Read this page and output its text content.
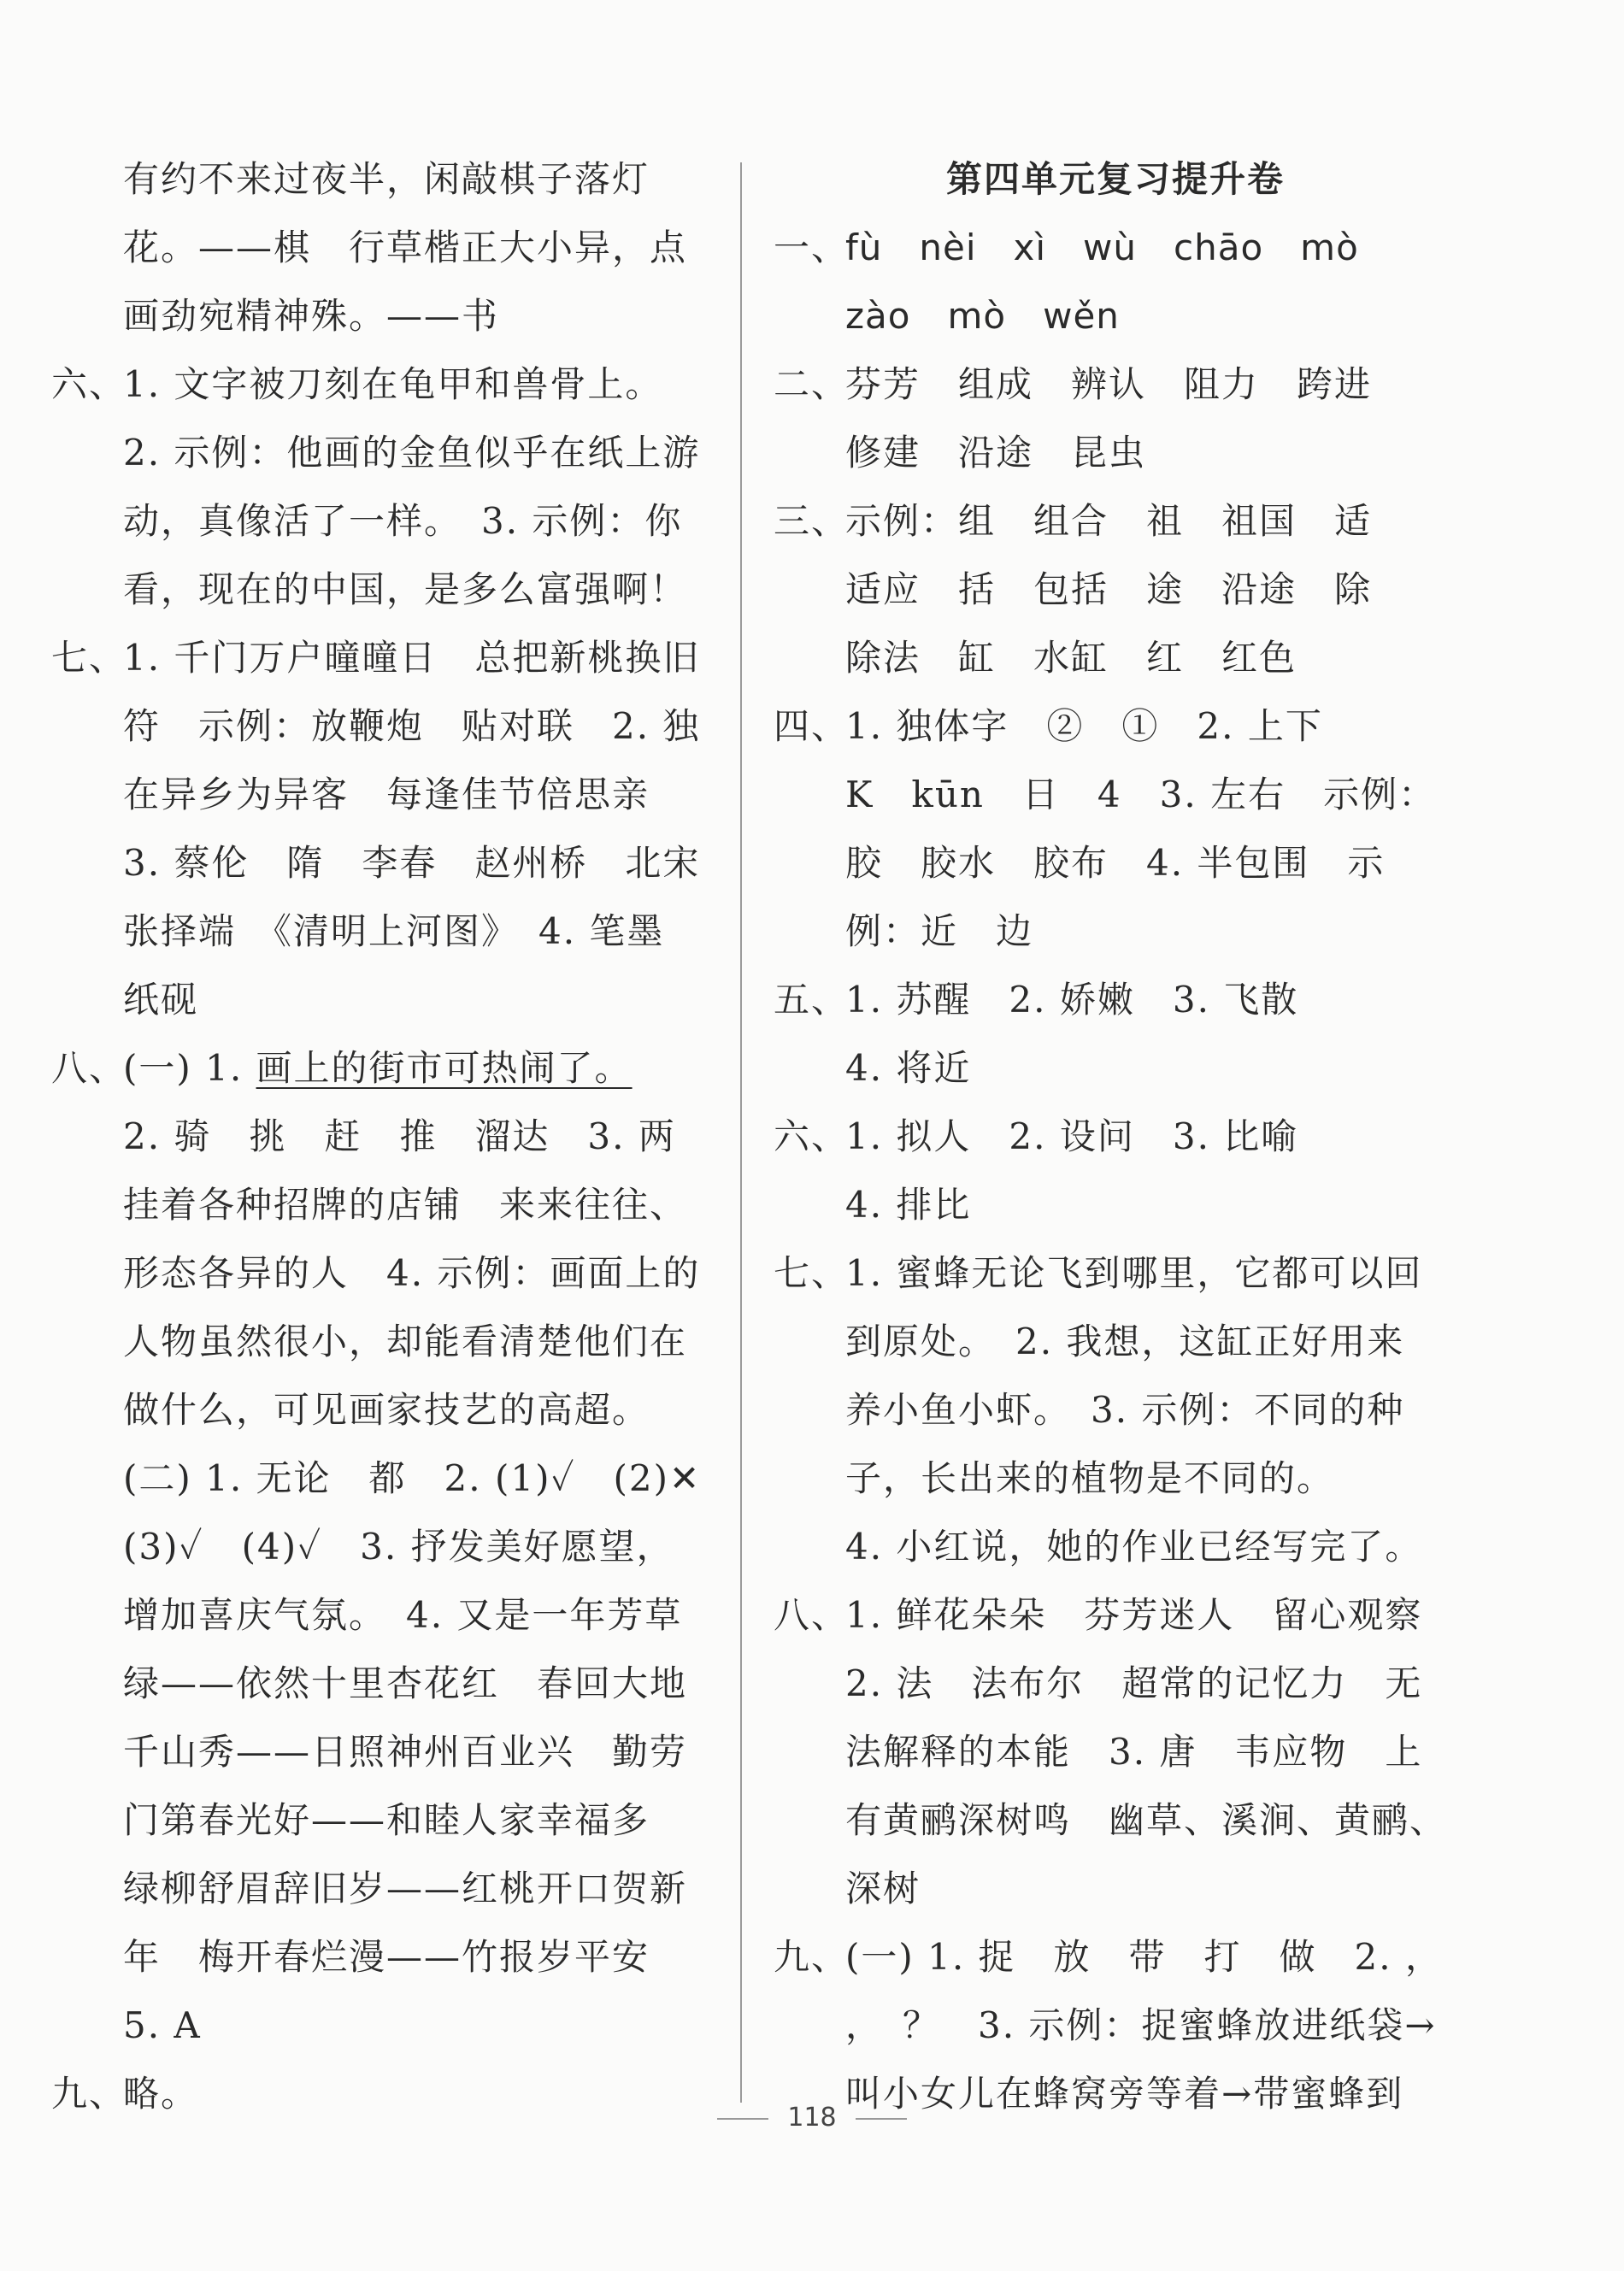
有约不来过夜半，闲敲棋子落灯
花。——棋　行草楷正大小异，点
画劲宛精神殊。——书
六、
1. 文字被刀刻在龟甲和兽骨上。
2. 示例：他画的金鱼似乎在纸上游
动，真像活了一样。　3. 示例：你
看，现在的中国，是多么富强啊！
七、
1. 千门万户曈曈日　总把新桃换旧
符　示例：放鞭炮　贴对联　2. 独
在异乡为异客　每逢佳节倍思亲
3. 蔡伦　隋　李春　赵州桥　北宋
张择端　《清明上河图》　4. 笔墨
纸砚
八、
(一) 1. 画上的街市可热闹了。
2. 骑　挑　赶　推　溜达　3. 两
挂着各种招牌的店铺　来来往往、
形态各异的人　4. 示例：画面上的
人物虽然很小，却能看清楚他们在
做什么，可见画家技艺的高超。
(二) 1. 无论　都　2. (1)✓　(2)✕
(3)✓　(4)✓　3. 抒发美好愿望，
增加喜庆气氛。　4. 又是一年芳草
绿——依然十里杏花红　春回大地
千山秀——日照神州百业兴　勤劳
门第春光好——和睦人家幸福多
绿柳舒眉辞旧岁——红桃开口贺新
年　梅开春烂漫——竹报岁平安
5. A
九、
略。
第四单元复习提升卷
一、
fù　nèi　xì　wù　chāo　mò
zào　mò　wěn
二、
芬芳　组成　辨认　阻力　跨进
修建　沿途　昆虫
三、
示例：组　组合　祖　祖国　适
适应　括　包括　途　沿途　除
除法　缸　水缸　红　红色
四、
1. 独体字　②　①　2. 上下
K　kūn　日　4　3. 左右　示例：
胶　胶水　胶布　4. 半包围　示
例：近　边
五、
1. 苏醒　2. 娇嫩　3. 飞散
4. 将近
六、
1. 拟人　2. 设问　3. 比喻
4. 排比
七、
1. 蜜蜂无论飞到哪里，它都可以回
到原处。　2. 我想，这缸正好用来
养小鱼小虾。　3. 示例：不同的种
子，长出来的植物是不同的。
4. 小红说，她的作业已经写完了。
八、
1. 鲜花朵朵　芬芳迷人　留心观察
2. 法　法布尔　超常的记忆力　无
法解释的本能　3. 唐　韦应物　上
有黄鹂深树鸣　幽草、溪涧、黄鹂、
深树
九、
(一) 1. 捉　放　带　打　做　2. ，
，　？　3. 示例：捉蜜蜂放进纸袋→
叫小女儿在蜂窝旁等着→带蜜蜂到
118
